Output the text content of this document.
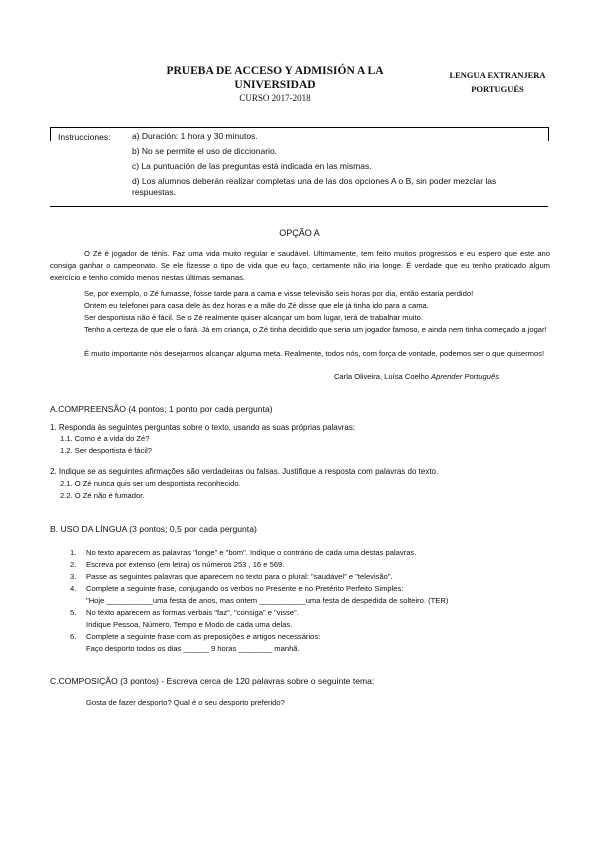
PRUEBA DE ACCESO Y ADMISIÓN A LA UNIVERSIDAD
CURSO 2017-2018
LENGUA EXTRANJERA
PORTUGUÉS
Instrucciones:	a) Duración: 1 hora y 30 minutos.
b) No se permite el uso de diccionario.
c) La puntuación de las preguntas está indicada en las mismas.
d) Los alumnos deberán realizar completas una de las dos opciones A o B, sin poder mezclar las respuestas.
OPÇÃO A
O Zé é jogador de ténis. Faz uma vida muito regular e saudável. Ultimamente, tem feito muitos progressos e eu espero que este ano consiga ganhar o campeonato. Se ele fizesse o tipo de vida que eu faço, certamente não iria longe. É verdade que eu tenho praticado algum exercício e tenho comido menos nestas últimas semanas.
Se, por exemplo, o Zé fumasse, fosse tarde para a cama e visse televisão seis horas por dia, então estaria perdido!
Ontem eu telefonei para casa dele às dez horas e a mãe do Zé disse que ele já tinha ido para a cama.
Ser desportista não é fácil. Se o Zé realmente quiser alcançar um bom lugar, terá de trabalhar muito.
Tenho a certeza de que ele o fará. Já em criança, o Zé tinha decidido que seria um jogador famoso, e ainda nem tinha começado a jogar!
É muito importante nós desejarmos alcançar alguma meta. Realmente, todos nós, com força de vontade, podemos ser o que quisermos!
Carla Oliveira, Luísa Coelho Aprender Português
A.COMPREENSÃO (4 pontos; 1 ponto por cada pergunta)
1. Responda às seguintes perguntas sobre o texto, usando as suas próprias palavras:
1.1. Como é a vida do Zé?
1.2. Ser desportista é fácil?
2. Indique se as seguintes afirmações são verdadeiras ou falsas. Justifique a resposta com palavras do texto.
2.1. O Zé nunca quis ser um desportista reconhecido.
2.2. O Zé não é fumador.
B. USO DA LÍNGUA (3 pontos; 0,5 por cada pergunta)
1. No texto aparecem as palavras "longe" e "bom". Indique o contrário de cada uma destas palavras.
2. Escreva por extenso (em letra) os números 253 , 16 e 569.
3. Passe as seguintes palavras que aparecem no texto para o plural: "saudável" e "televisão".
4. Complete a seguinte frase, conjugando os verbos no Presente e no Pretérito Perfeito Simples:
"Hoje ___________uma festa de anos, mas ontem ___________uma festa de despedida de solteiro. (TER)
5. No texto aparecem as formas verbais "faz", "consiga" e "visse".
Indique Pessoa, Número, Tempo e Modo de cada uma delas.
6. Complete a seguinte frase com as preposições e artigos necessários:
Faço desporto todos os dias ______ 9 horas ________ manhã.
C.COMPOSIÇÃO (3 pontos) - Escreva cerca de 120 palavras sobre o seguinte tema:
Gosta de fazer desporto? Qual é o seu desporto preferido?
